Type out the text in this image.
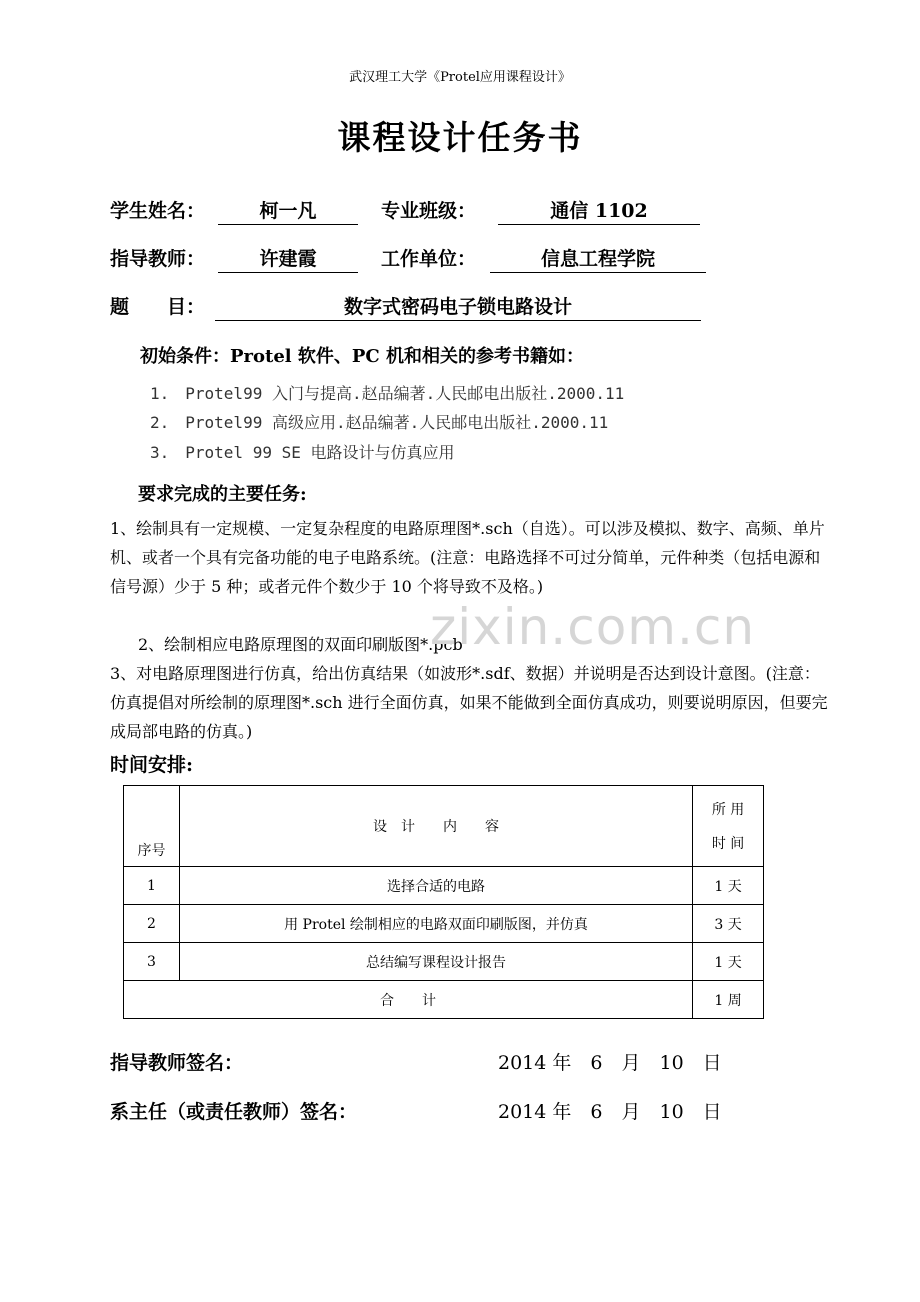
武汉理工大学《Protel应用课程设计》
课程设计任务书
学生姓名：	柯一凡	专业班级：	通信 1102
指导教师：	许建霞	工作单位：	信息工程学院
题　　目：	数字式密码电子锁电路设计
初始条件：Protel 软件、PC 机和相关的参考书籍如：
1.　Protel99 入门与提高.赵品编著.人民邮电出版社.2000.11
2.　Protel99 高级应用.赵品编著.人民邮电出版社.2000.11
3.　Protel 99 SE 电路设计与仿真应用
要求完成的主要任务:
1、绘制具有一定规模、一定复杂程度的电路原理图*.sch（自选）。可以涉及模拟、数字、高频、单片机、或者一个具有完备功能的电子电路系统。(注意：电路选择不可过分简单，元件种类（包括电源和信号源）少于 5 种；或者元件个数少于 10 个将导致不及格。)
2、绘制相应电路原理图的双面印刷版图*.pcb
3、对电路原理图进行仿真，给出仿真结果（如波形*.sdf、数据）并说明是否达到设计意图。(注意：仿真提倡对所绘制的原理图*.sch 进行全面仿真，如果不能做到全面仿真成功，则要说明原因，但要完成局部电路的仿真。)
zixin.com.cn
时间安排:
序号	设　计　　内　　容	所 用
时 间

1	选择合适的电路	1 天
2	用 Protel 绘制相应的电路双面印刷版图，并仿真	3 天
3	总结编写课程设计报告	1 天
合　　计		1 周
指导教师签名：	2014 年　6　月　10　日
系主任（或责任教师）签名：	2014 年　6　月　10　日
